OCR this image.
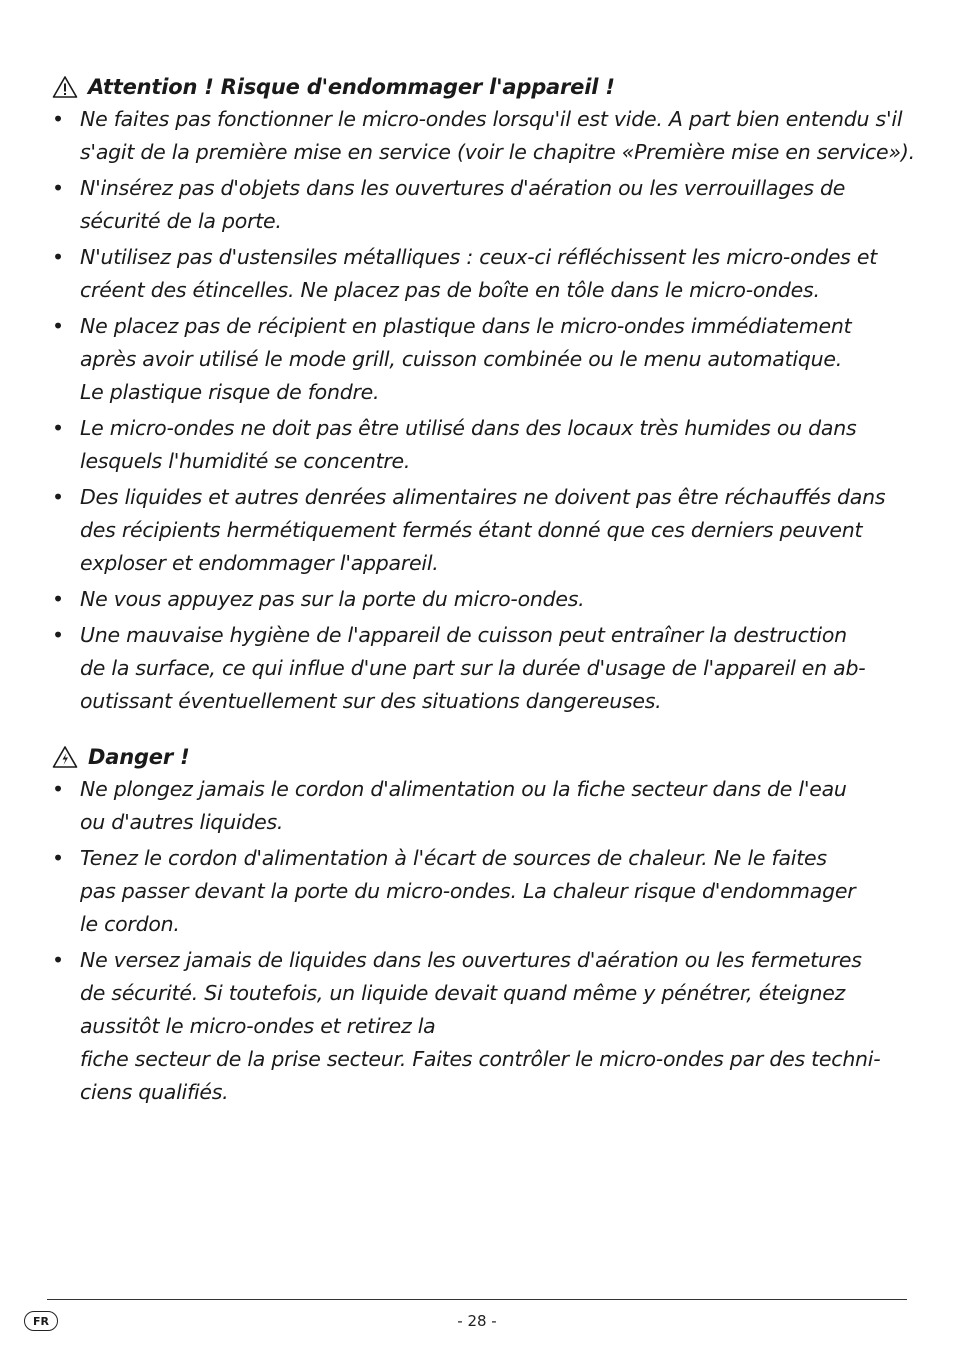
Attention ! Risque d'endommager l'appareil !
• Ne faites pas fonctionner le micro-ondes lorsqu'il est vide. A part bien entendu s'il
s'agit de la première mise en service (voir le chapitre «Première mise en service»).
• N'insérez pas d'objets dans les ouvertures d'aération ou les verrouillages de
sécurité de la porte.
• N'utilisez pas d'ustensiles métalliques : ceux-ci réfléchissent les micro-ondes et
créent des étincelles. Ne placez pas de boîte en tôle dans le micro-ondes.
• Ne placez pas de récipient en plastique dans le micro-ondes immédiatement
après avoir utilisé le mode grill, cuisson combinée ou le menu automatique.
Le plastique risque de fondre.
• Le micro-ondes ne doit pas être utilisé dans des locaux très humides ou dans
lesquels l'humidité se concentre.
• Des liquides et autres denrées alimentaires ne doivent pas être réchauffés dans
des récipients hermétiquement fermés étant donné que ces derniers peuvent
exploser et endommager l'appareil.
• Ne vous appuyez pas sur la porte du micro-ondes.
• Une mauvaise hygiène de l'appareil de cuisson peut entraîner la destruction
de la surface, ce qui influe d'une part sur la durée d'usage de l'appareil en ab-
outissant éventuellement sur des situations dangereuses.
Danger !
• Ne plongez jamais le cordon d'alimentation ou la fiche secteur dans de l'eau
ou d'autres liquides.
• Tenez le cordon d'alimentation à l'écart de sources de chaleur. Ne le faites
pas passer devant la porte du micro-ondes. La chaleur risque d'endommager
le cordon.
• Ne versez jamais de liquides dans les ouvertures d'aération ou les fermetures
de sécurité. Si toutefois, un liquide devait quand même y pénétrer, éteignez
aussitôt le micro-ondes et retirez la
fiche secteur de la prise secteur. Faites contrôler le micro-ondes par des techni-
ciens qualifiés.
FR	- 28 -
